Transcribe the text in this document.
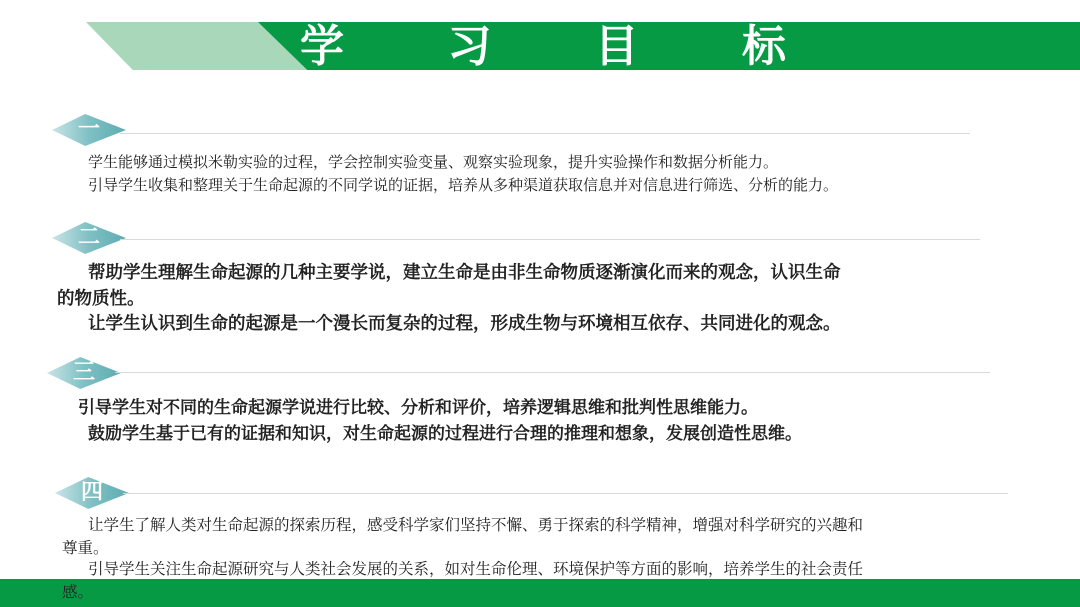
学 习 目 标
一
学生能够通过模拟米勒实验的过程，学会控制实验变量、观察实验现象，提升实验操作和数据分析能力。
引导学生收集和整理关于生命起源的不同学说的证据，培养从多种渠道获取信息并对信息进行筛选、分析的能力。
二
帮助学生理解生命起源的几种主要学说，建立生命是由非生命物质逐渐演化而来的观念，认识生命
的物质性。
让学生认识到生命的起源是一个漫长而复杂的过程，形成生物与环境相互依存、共同进化的观念。
三
引导学生对不同的生命起源学说进行比较、分析和评价，培养逻辑思维和批判性思维能力。
鼓励学生基于已有的证据和知识，对生命起源的过程进行合理的推理和想象，发展创造性思维。
四
让学生了解人类对生命起源的探索历程，感受科学家们坚持不懈、勇于探索的科学精神，增强对科学研究的兴趣和
尊重。
引导学生关注生命起源研究与人类社会发展的关系，如对生命伦理、环境保护等方面的影响，培养学生的社会责任
感。
